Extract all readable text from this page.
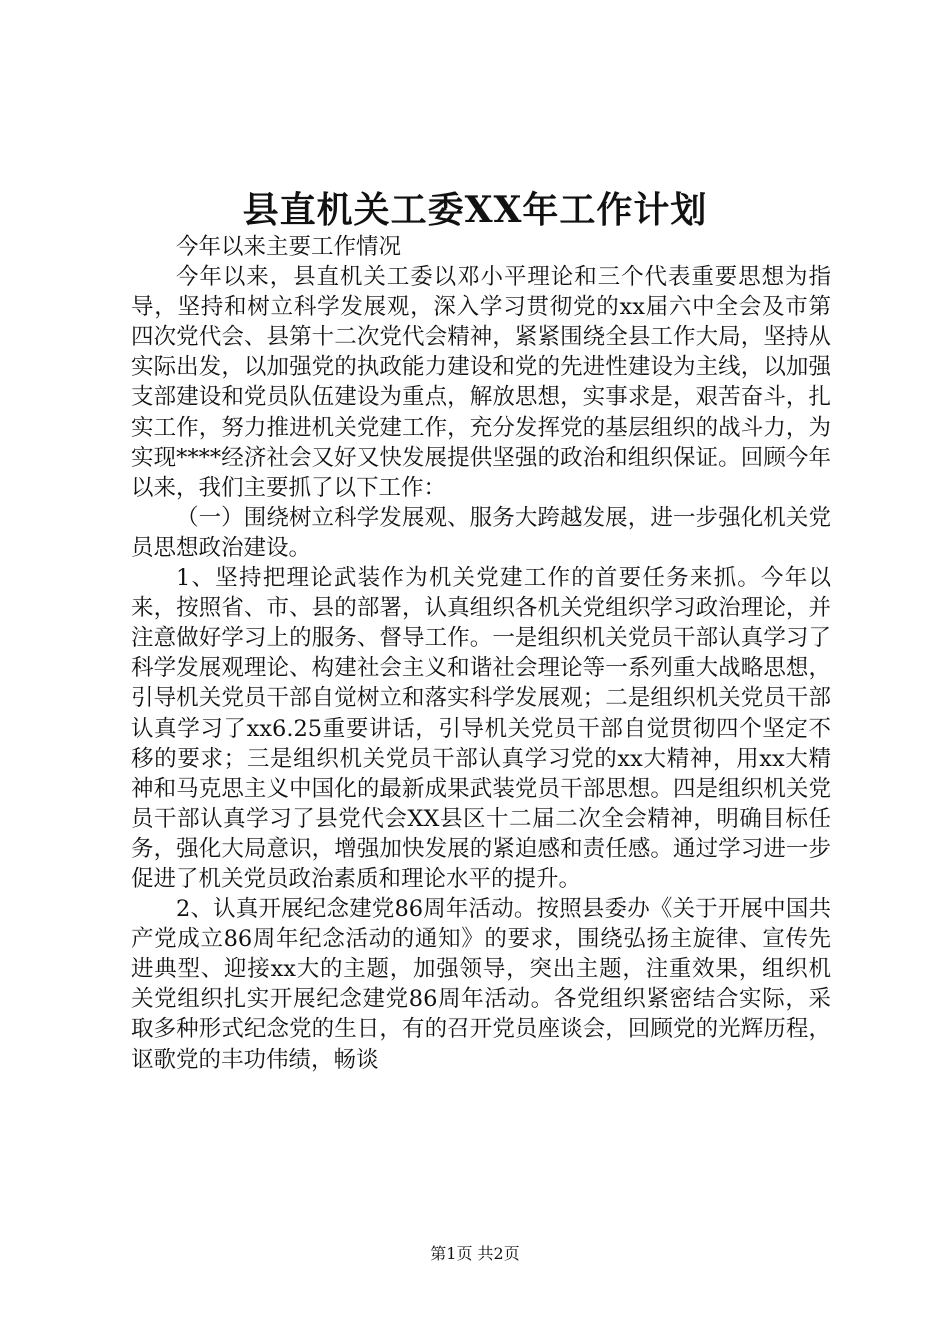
县直机关工委XX年工作计划

今年以来主要工作情况

今年以来，县直机关工委以邓小平理论和三个代表重要思想为指导，坚持和树立科学发展观，深入学习贯彻党的xx届六中全会及市第四次党代会、县第十二次党代会精神，紧紧围绕全县工作大局，坚持从实际出发，以加强党的执政能力建设和党的先进性建设为主线，以加强支部建设和党员队伍建设为重点，解放思想，实事求是，艰苦奋斗，扎实工作，努力推进机关党建工作，充分发挥党的基层组织的战斗力，为实现****经济社会又好又快发展提供坚强的政治和组织保证。回顾今年以来，我们主要抓了以下工作：

（一）围绕树立科学发展观、服务大跨越发展，进一步强化机关党员思想政治建设。

1、坚持把理论武装作为机关党建工作的首要任务来抓。今年以来，按照省、市、县的部署，认真组织各机关党组织学习政治理论，并注意做好学习上的服务、督导工作。一是组织机关党员干部认真学习了科学发展观理论、构建社会主义和谐社会理论等一系列重大战略思想，引导机关党员干部自觉树立和落实科学发展观；二是组织机关党员干部认真学习了xx6.25重要讲话，引导机关党员干部自觉贯彻四个坚定不移的要求；三是组织机关党员干部认真学习党的xx大精神，用xx大精神和马克思主义中国化的最新成果武装党员干部思想。四是组织机关党员干部认真学习了县党代会XX县区十二届二次全会精神，明确目标任务，强化大局意识，增强加快发展的紧迫感和责任感。通过学习进一步促进了机关党员政治素质和理论水平的提升。

2、认真开展纪念建党86周年活动。按照县委办《关于开展中国共产党成立86周年纪念活动的通知》的要求，围绕弘扬主旋律、宣传先进典型、迎接xx大的主题，加强领导，突出主题，注重效果，组织机关党组织扎实开展纪念建党86周年活动。各党组织紧密结合实际，采取多种形式纪念党的生日，有的召开党员座谈会，回顾党的光辉历程，讴歌党的丰功伟绩，畅谈

第1页 共2页
